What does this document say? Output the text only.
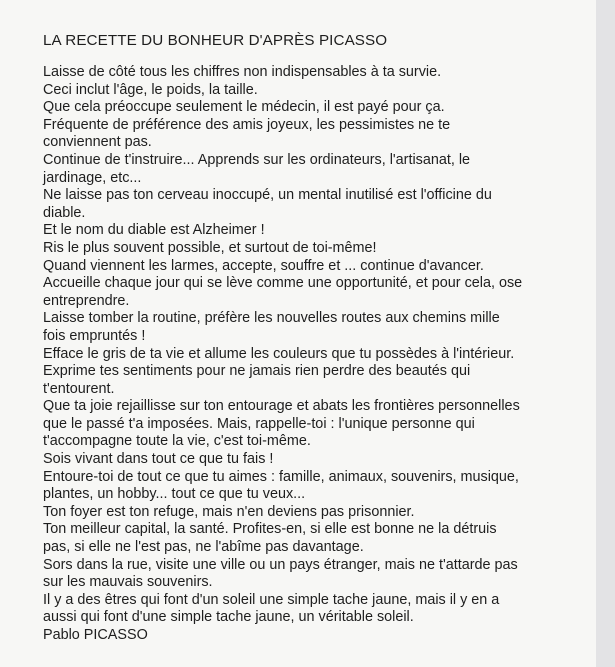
LA RECETTE DU BONHEUR D'APRÈS PICASSO
Laisse de côté tous les chiffres non indispensables à ta survie.
Ceci inclut l'âge, le poids, la taille.
Que cela préoccupe seulement le médecin, il est payé pour ça.
Fréquente de préférence des amis joyeux, les pessimistes ne te
conviennent pas.
Continue de t'instruire... Apprends sur les ordinateurs, l'artisanat, le
jardinage, etc...
Ne laisse pas ton cerveau inoccupé, un mental inutilisé est l'officine du
diable.
Et le nom du diable est Alzheimer !
Ris le plus souvent possible, et surtout de toi-même!
Quand viennent les larmes, accepte, souffre et ... continue d'avancer.
Accueille chaque jour qui se lève comme une opportunité, et pour cela, ose
entreprendre.
Laisse tomber la routine, préfère les nouvelles routes aux chemins mille
fois empruntés !
Efface le gris de ta vie et allume les couleurs que tu possèdes à l'intérieur.
Exprime tes sentiments pour ne jamais rien perdre des beautés qui
t'entourent.
Que ta joie rejaillisse sur ton entourage et abats les frontières personnelles
que le passé t'a imposées. Mais, rappelle-toi : l'unique personne qui
t'accompagne toute la vie, c'est toi-même.
Sois vivant dans tout ce que tu fais !
Entoure-toi de tout ce que tu aimes : famille, animaux, souvenirs, musique,
plantes, un hobby... tout ce que tu veux...
Ton foyer est ton refuge, mais n'en deviens pas prisonnier.
Ton meilleur capital, la santé. Profites-en, si elle est bonne ne la détruis
pas, si elle ne l'est pas, ne l'abîme pas davantage.
Sors dans la rue, visite une ville ou un pays étranger, mais ne t'attarde pas
sur les mauvais souvenirs.
Il y a des êtres qui font d'un soleil une simple tache jaune, mais il y en a
aussi qui font d'une simple tache jaune, un véritable soleil.
Pablo PICASSO
